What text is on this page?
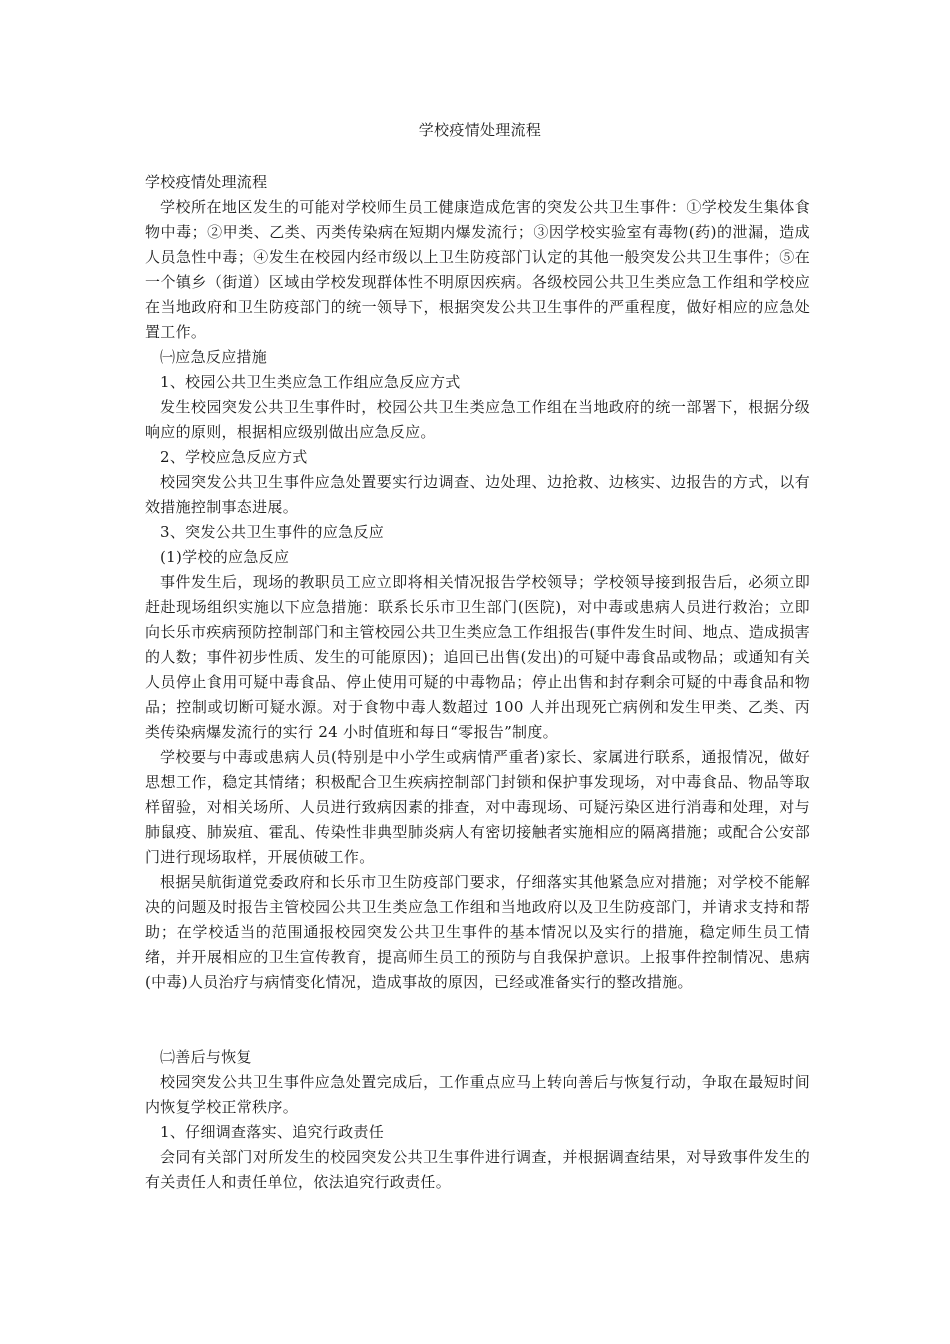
学校疫情处理流程

学校疫情处理流程

学校所在地区发生的可能对学校师生员工健康造成危害的突发公共卫生事件：①学校发生集体食物中毒；②甲类、乙类、丙类传染病在短期内爆发流行；③因学校实验室有毒物(药)的泄漏，造成人员急性中毒；④发生在校园内经市级以上卫生防疫部门认定的其他一般突发公共卫生事件；⑤在一个镇乡（街道）区域由学校发现群体性不明原因疾病。各级校园公共卫生类应急工作组和学校应在当地政府和卫生防疫部门的统一领导下，根据突发公共卫生事件的严重程度，做好相应的应急处置工作。

㈠应急反应措施

1、校园公共卫生类应急工作组应急反应方式

发生校园突发公共卫生事件时，校园公共卫生类应急工作组在当地政府的统一部署下，根据分级响应的原则，根据相应级别做出应急反应。

2、学校应急反应方式

校园突发公共卫生事件应急处置要实行边调查、边处理、边抢救、边核实、边报告的方式，以有效措施控制事态进展。

3、突发公共卫生事件的应急反应

(1)学校的应急反应

事件发生后，现场的教职员工应立即将相关情况报告学校领导；学校领导接到报告后，必须立即赶赴现场组织实施以下应急措施：联系长乐市卫生部门(医院)，对中毒或患病人员进行救治；立即向长乐市疾病预防控制部门和主管校园公共卫生类应急工作组报告(事件发生时间、地点、造成损害的人数；事件初步性质、发生的可能原因)；追回已出售(发出)的可疑中毒食品或物品；或通知有关人员停止食用可疑中毒食品、停止使用可疑的中毒物品；停止出售和封存剩余可疑的中毒食品和物品；控制或切断可疑水源。对于食物中毒人数超过 100 人并出现死亡病例和发生甲类、乙类、丙类传染病爆发流行的实行 24 小时值班和每日“零报告”制度。

学校要与中毒或患病人员(特别是中小学生或病情严重者)家长、家属进行联系，通报情况，做好思想工作，稳定其情绪；积极配合卫生疾病控制部门封锁和保护事发现场，对中毒食品、物品等取样留验，对相关场所、人员进行致病因素的排查，对中毒现场、可疑污染区进行消毒和处理，对与肺鼠疫、肺炭疽、霍乱、传染性非典型肺炎病人有密切接触者实施相应的隔离措施；或配合公安部门进行现场取样，开展侦破工作。

根据吴航街道党委政府和长乐市卫生防疫部门要求，仔细落实其他紧急应对措施；对学校不能解决的问题及时报告主管校园公共卫生类应急工作组和当地政府以及卫生防疫部门，并请求支持和帮助；在学校适当的范围通报校园突发公共卫生事件的基本情况以及实行的措施，稳定师生员工情绪，并开展相应的卫生宣传教育，提高师生员工的预防与自我保护意识。上报事件控制情况、患病(中毒)人员治疗与病情变化情况，造成事故的原因，已经或准备实行的整改措施。

㈡善后与恢复

校园突发公共卫生事件应急处置完成后，工作重点应马上转向善后与恢复行动，争取在最短时间内恢复学校正常秩序。

1、仔细调查落实、追究行政责任

会同有关部门对所发生的校园突发公共卫生事件进行调查，并根据调查结果，对导致事件发生的有关责任人和责任单位，依法追究行政责任。
